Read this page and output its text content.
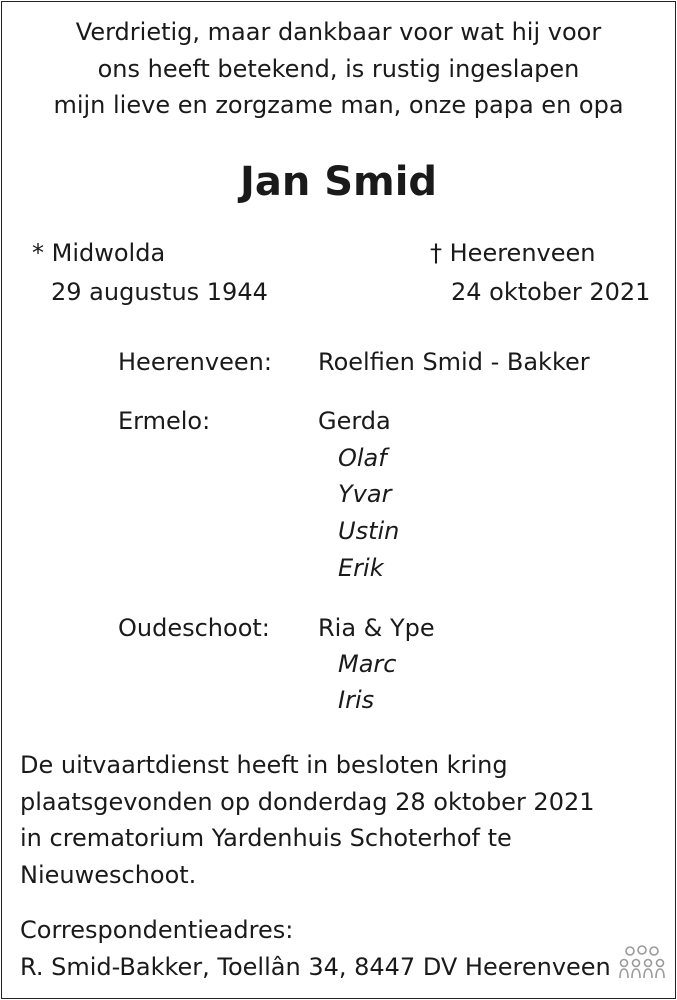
Verdrietig, maar dankbaar voor wat hij voor
ons heeft betekend, is rustig ingeslapen
mijn lieve en zorgzame man, onze papa en opa
Jan Smid
* Midwolda
29 augustus 1944
† Heerenveen
24 oktober 2021
Heerenveen: Roelfien Smid - Bakker
Ermelo:	Gerda
Olaf
Yvar
Ustin
Erik
Oudeschoot: Ria & Ype
Marc
Iris
De uitvaartdienst heeft in besloten kring
plaatsgevonden op donderdag 28 oktober 2021
in crematorium Yardenhuis Schoterhof te
Nieuweschoot.
Correspondentieadres:
R. Smid-Bakker, Toellân 34, 8447 DV Heerenveen
